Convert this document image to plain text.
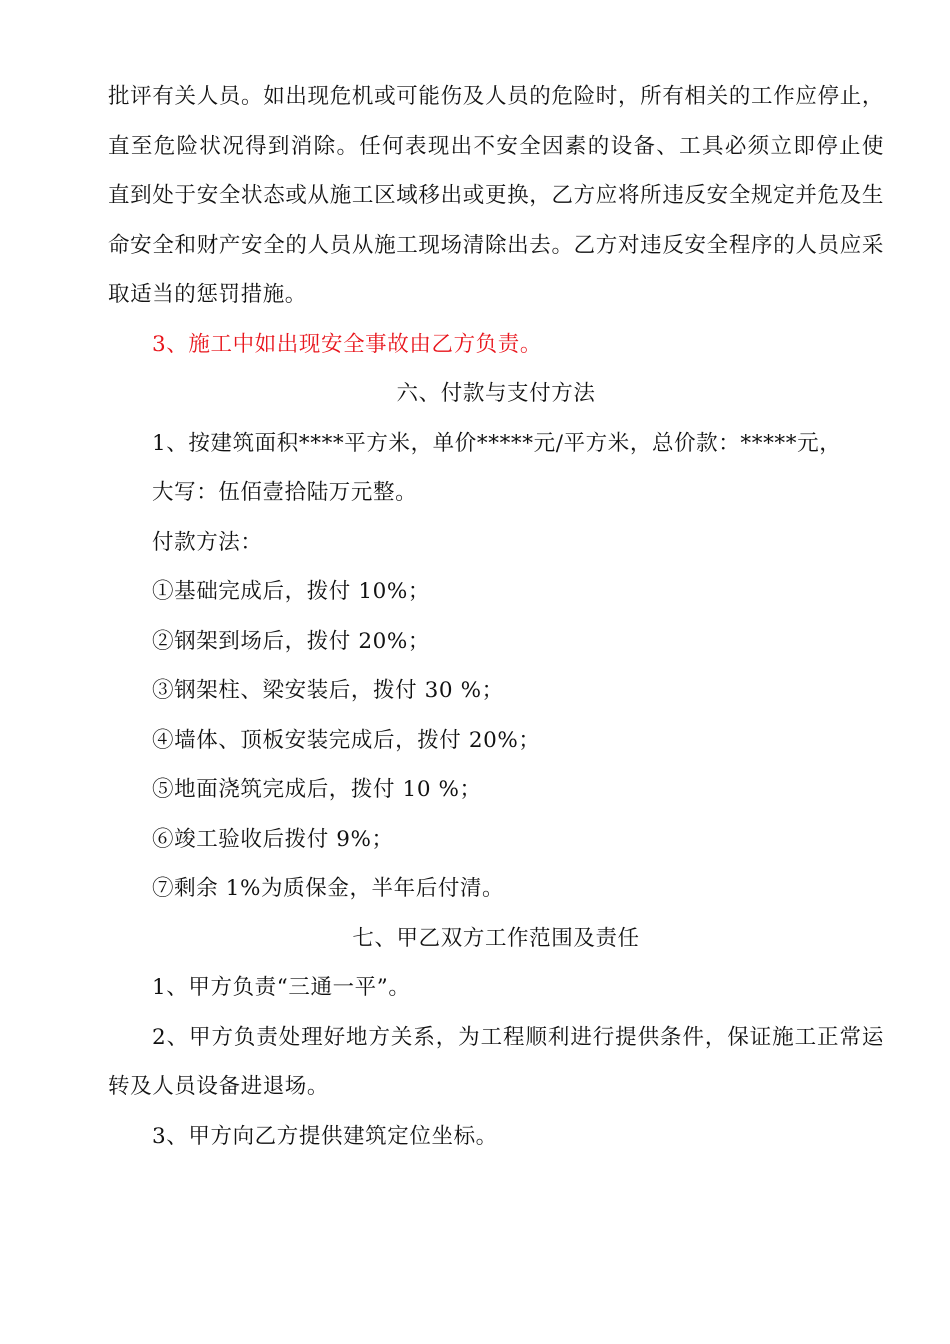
批评有关人员。如出现危机或可能伤及人员的危险时，所有相关的工作应停止，
直至危险状况得到消除。任何表现出不安全因素的设备、工具必须立即停止使
直到处于安全状态或从施工区域移出或更换，乙方应将所违反安全规定并危及生
命安全和财产安全的人员从施工现场清除出去。乙方对违反安全程序的人员应采
取适当的惩罚措施。
3、施工中如出现安全事故由乙方负责。
六、付款与支付方法
1、按建筑面积****平方米，单价*****元/平方米，总价款：*****元，
大写：伍佰壹拾陆万元整。
付款方法：
①基础完成后，拨付 10%；
②钢架到场后，拨付 20%；
③钢架柱、梁安装后，拨付 30 %；
④墙体、顶板安装完成后，拨付 20%；
⑤地面浇筑完成后，拨付 10 %；
⑥竣工验收后拨付 9%；
⑦剩余 1%为质保金，半年后付清。
七、甲乙双方工作范围及责任
1、甲方负责“三通一平”。
2、甲方负责处理好地方关系，为工程顺利进行提供条件，保证施工正常运
转及人员设备进退场。
3、甲方向乙方提供建筑定位坐标。
